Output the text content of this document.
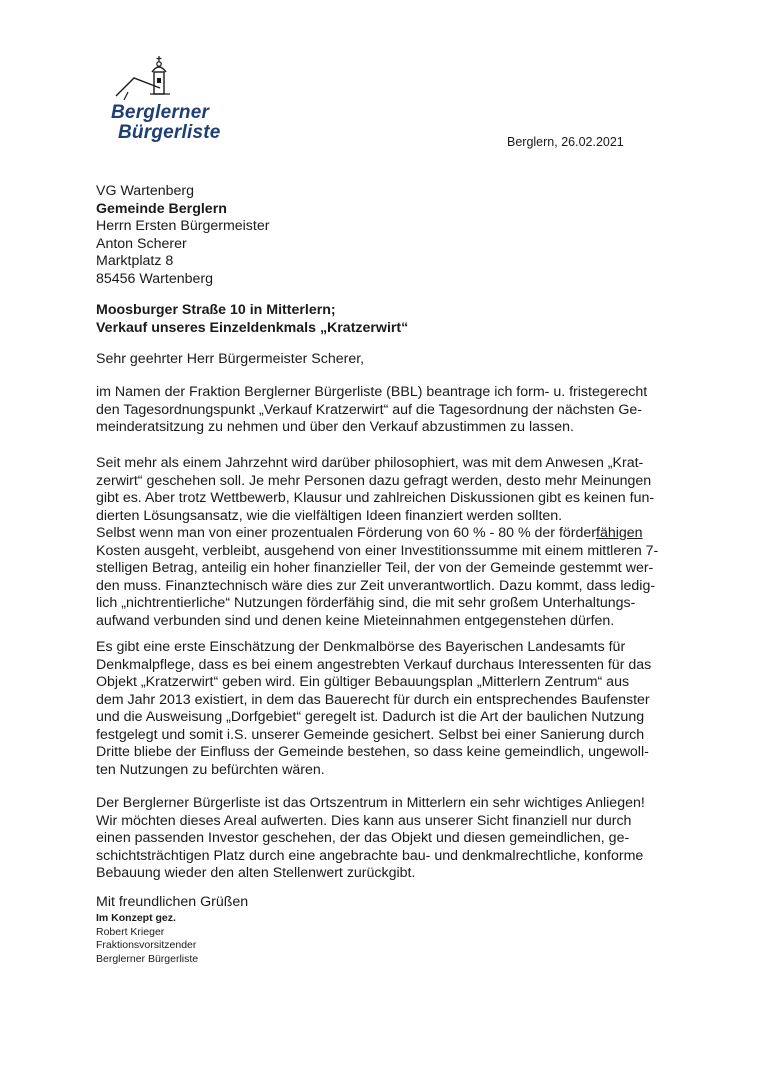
Berglerner
Bürgerliste	Berglern, 26.02.2021
VG Wartenberg
Gemeinde Berglern
Herrn Ersten Bürgermeister
Anton Scherer
Marktplatz 8
85456 Wartenberg
Moosburger Straße 10 in Mitterlern;
Verkauf unseres Einzeldenkmals „Kratzerwirt“
Sehr geehrter Herr Bürgermeister Scherer,
im Namen der Fraktion Berglerner Bürgerliste (BBL) beantrage ich form- u. fristegerecht
den Tagesordnungspunkt „Verkauf Kratzerwirt“ auf die Tagesordnung der nächsten Ge-
meinderatsitzung zu nehmen und über den Verkauf abzustimmen zu lassen.
Seit mehr als einem Jahrzehnt wird darüber philosophiert, was mit dem Anwesen „Krat-
zerwirt“ geschehen soll. Je mehr Personen dazu gefragt werden, desto mehr Meinungen
gibt es. Aber trotz Wettbewerb, Klausur und zahlreichen Diskussionen gibt es keinen fun-
dierten Lösungsansatz, wie die vielfältigen Ideen finanziert werden sollten.
Selbst wenn man von einer prozentualen Förderung von 60 % - 80 % der förderfähigen
Kosten ausgeht, verbleibt, ausgehend von einer Investitionssumme mit einem mittleren 7-
stelligen Betrag, anteilig ein hoher finanzieller Teil, der von der Gemeinde gestemmt wer-
den muss. Finanztechnisch wäre dies zur Zeit unverantwortlich. Dazu kommt, dass ledig-
lich „nichtrentierliche“ Nutzungen förderfähig sind, die mit sehr großem Unterhaltungs-
aufwand verbunden sind und denen keine Mieteinnahmen entgegenstehen dürfen.
Es gibt eine erste Einschätzung der Denkmalbörse des Bayerischen Landesamts für
Denkmalpflege, dass es bei einem angestrebten Verkauf durchaus Interessenten für das
Objekt „Kratzerwirt“ geben wird. Ein gültiger Bebauungsplan „Mitterlern Zentrum“ aus
dem Jahr 2013 existiert, in dem das Bauerecht für durch ein entsprechendes Baufenster
und die Ausweisung „Dorfgebiet“ geregelt ist. Dadurch ist die Art der baulichen Nutzung
festgelegt und somit i.S. unserer Gemeinde gesichert. Selbst bei einer Sanierung durch
Dritte bliebe der Einfluss der Gemeinde bestehen, so dass keine gemeindlich, ungewoll-
ten Nutzungen zu befürchten wären.
Der Berglerner Bürgerliste ist das Ortszentrum in Mitterlern ein sehr wichtiges Anliegen!
Wir möchten dieses Areal aufwerten. Dies kann aus unserer Sicht finanziell nur durch
einen passenden Investor geschehen, der das Objekt und diesen gemeindlichen, ge-
schichtsträchtigen Platz durch eine angebrachte bau- und denkmalrechtliche, konforme
Bebauung wieder den alten Stellenwert zurückgibt.
Mit freundlichen Grüßen
Im Konzept gez.
Robert Krieger
Fraktionsvorsitzender
Berglerner Bürgerliste
